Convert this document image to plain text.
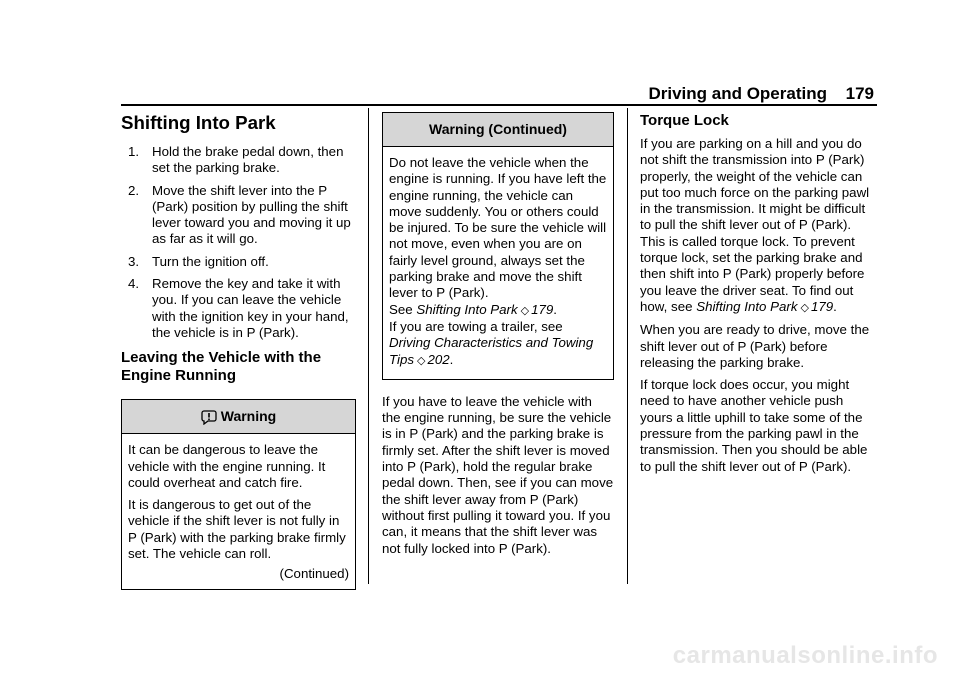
Driving and Operating 179
Shifting Into Park
1. Hold the brake pedal down, then set the parking brake.
2. Move the shift lever into the P (Park) position by pulling the shift lever toward you and moving it up as far as it will go.
3. Turn the ignition off.
4. Remove the key and take it with you. If you can leave the vehicle with the ignition key in your hand, the vehicle is in P (Park).
Leaving the Vehicle with the
Engine Running
Warning

It can be dangerous to leave the vehicle with the engine running. It could overheat and catch fire.

It is dangerous to get out of the vehicle if the shift lever is not fully in P (Park) with the parking brake firmly set. The vehicle can roll.

(Continued)
Warning (Continued)

Do not leave the vehicle when the engine is running. If you have left the engine running, the vehicle can move suddenly. You or others could be injured. To be sure the vehicle will not move, even when you are on fairly level ground, always set the parking brake and move the shift lever to P (Park).

See Shifting Into Park ◇ 179.

If you are towing a trailer, see Driving Characteristics and Towing Tips ◇ 202.

If you have to leave the vehicle with the engine running, be sure the vehicle is in P (Park) and the parking brake is firmly set. After the shift lever is moved into P (Park), hold the regular brake pedal down. Then, see if you can move the shift lever away from P (Park) without first pulling it toward you. If you can, it means that the shift lever was not fully locked into P (Park).

Torque Lock

If you are parking on a hill and you do not shift the transmission into P (Park) properly, the weight of the vehicle can put too much force on the parking pawl in the transmission. It might be difficult to pull the shift lever out of P (Park). This is called torque lock. To prevent torque lock, set the parking brake and then shift into P (Park) properly before you leave the driver seat. To find out how, see Shifting Into Park ◇ 179.

When you are ready to drive, move the shift lever out of P (Park) before releasing the parking brake.

If torque lock does occur, you might need to have another vehicle push yours a little uphill to take some of the pressure from the parking pawl in the transmission. Then you should be able to pull the shift lever out of P (Park).

carmanualsonline.info
